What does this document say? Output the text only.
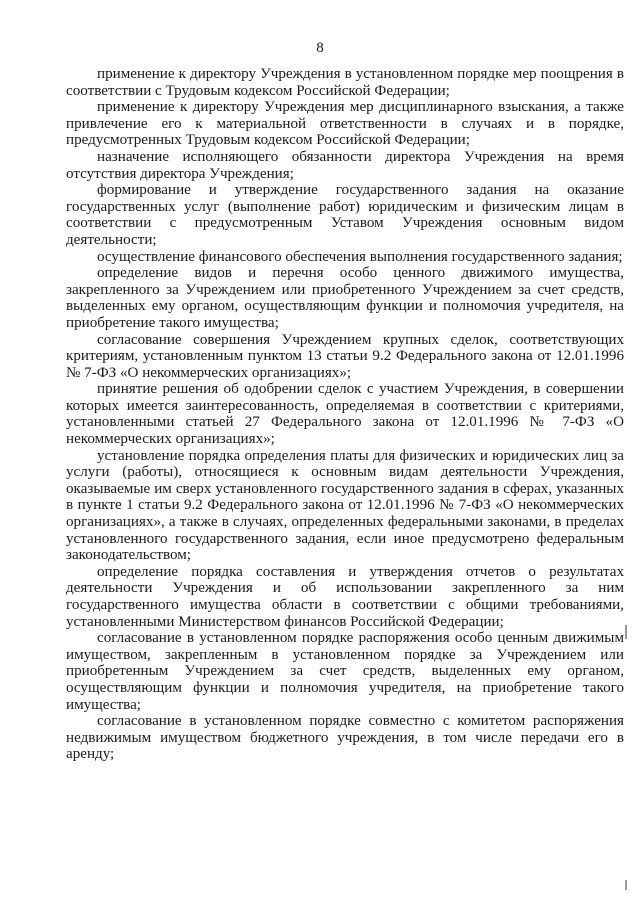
8

применение к директору Учреждения в установленном порядке мер поощрения в соответствии с Трудовым кодексом Российской Федерации;

применение к директору Учреждения мер дисциплинарного взыскания, а также привлечение его к материальной ответственности в случаях и в порядке, предусмотренных Трудовым кодексом Российской Федерации;

назначение исполняющего обязанности директора Учреждения на время отсутствия директора Учреждения;

формирование и утверждение государственного задания на оказание государственных услуг (выполнение работ) юридическим и физическим лицам в соответствии с предусмотренным Уставом Учреждения основным видом деятельности;

осуществление финансового обеспечения выполнения государственного задания;

определение видов и перечня особо ценного движимого имущества, закрепленного за Учреждением или приобретенного Учреждением за счет средств, выделенных ему органом, осуществляющим функции и полномочия учредителя, на приобретение такого имущества;

согласование совершения Учреждением крупных сделок, соответствующих критериям, установленным пунктом 13 статьи 9.2 Федерального закона от 12.01.1996 № 7-ФЗ «О некоммерческих организациях»;

принятие решения об одобрении сделок с участием Учреждения, в совершении которых имеется заинтересованность, определяемая в соответствии с критериями, установленными статьей 27 Федерального закона от 12.01.1996 № 7-ФЗ «О некоммерческих организациях»;

установление порядка определения платы для физических и юридических лиц за услуги (работы), относящиеся к основным видам деятельности Учреждения, оказываемые им сверх установленного государственного задания в сферах, указанных в пункте 1 статьи 9.2 Федерального закона от 12.01.1996 № 7-ФЗ «О некоммерческих организациях», а также в случаях, определенных федеральными законами, в пределах установленного государственного задания, если иное предусмотрено федеральным законодательством;

определение порядка составления и утверждения отчетов о результатах деятельности Учреждения и об использовании закрепленного за ним государственного имущества области в соответствии с общими требованиями, установленными Министерством финансов Российской Федерации;

согласование в установленном порядке распоряжения особо ценным движимым имуществом, закрепленным в установленном порядке за Учреждением или приобретенным Учреждением за счет средств, выделенных ему органом, осуществляющим функции и полномочия учредителя, на приобретение такого имущества;

согласование в установленном порядке совместно с комитетом распоряжения недвижимым имуществом бюджетного учреждения, в том числе передачи его в аренду;
